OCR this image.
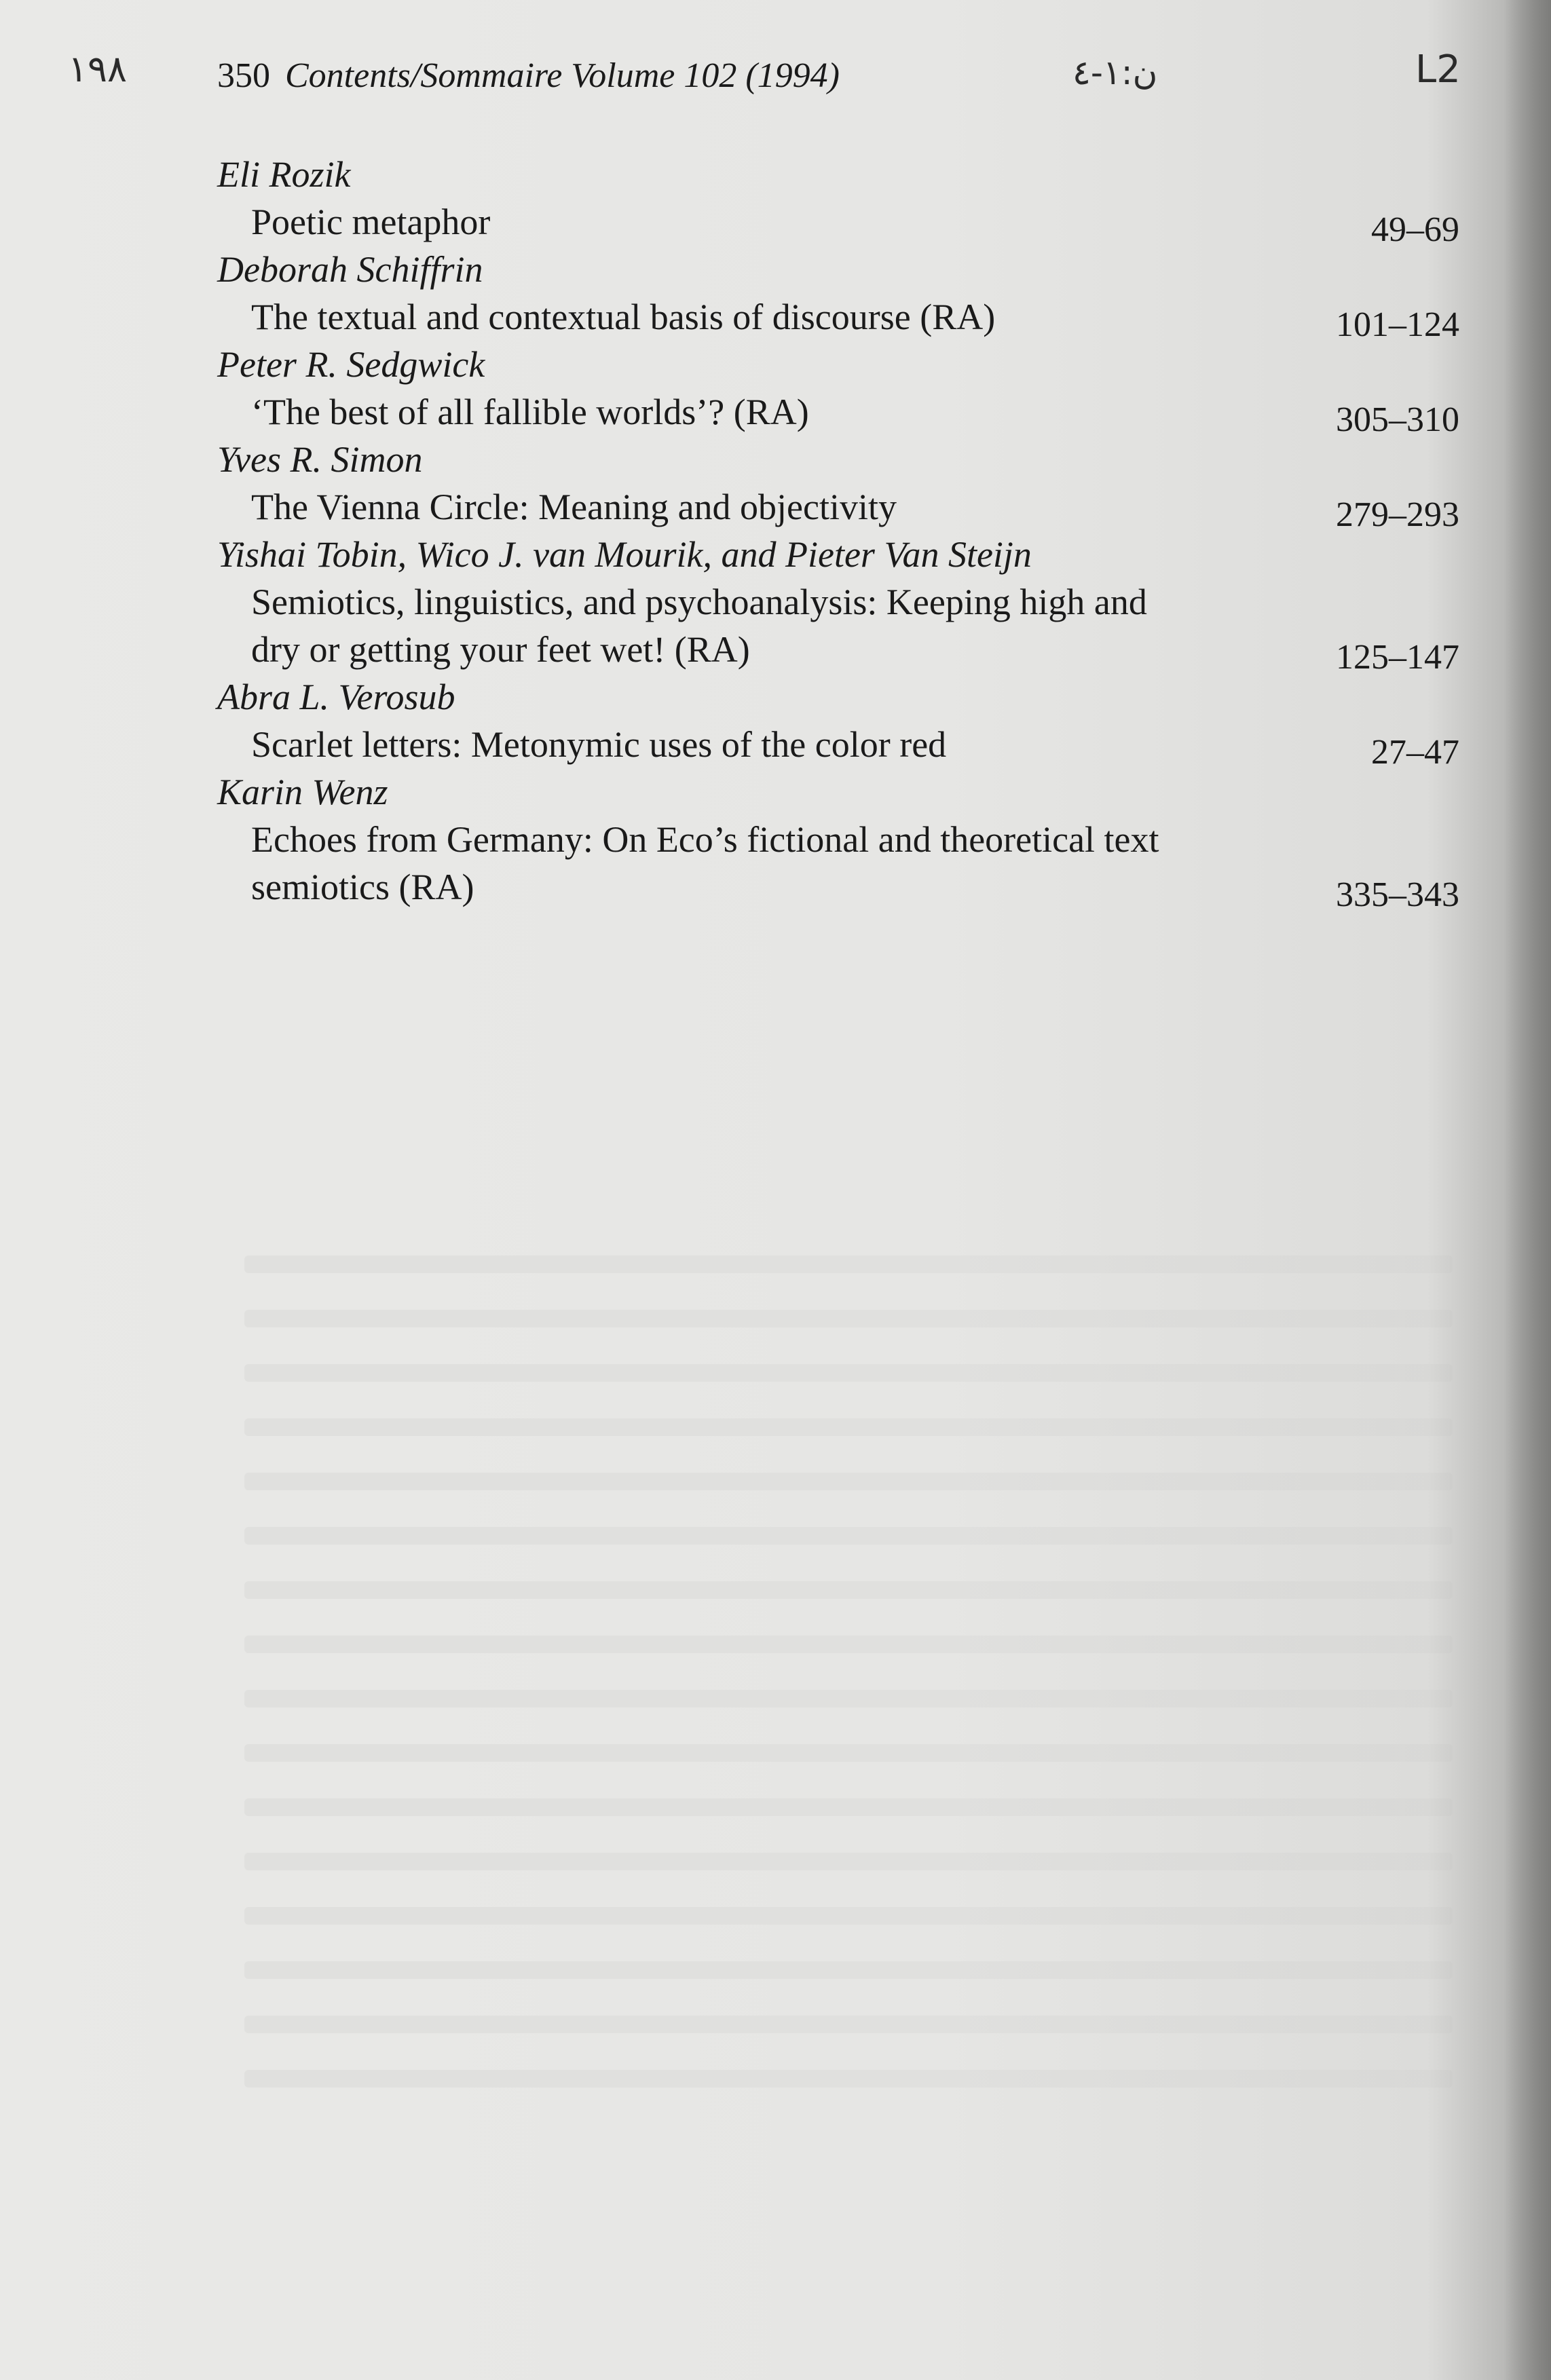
١٩٨	ن:١-٤	L2
350 Contents/Sommaire Volume 102 (1994)
Eli Rozik
Poetic metaphor	49–69
Deborah Schiffrin
The textual and contextual basis of discourse (RA)	101–124
Peter R. Sedgwick
‘The best of all fallible worlds’? (RA)	305–310
Yves R. Simon
The Vienna Circle: Meaning and objectivity	279–293
Yishai Tobin, Wico J. van Mourik, and Pieter Van Steijn
Semiotics, linguistics, and psychoanalysis: Keeping high and dry or getting your feet wet! (RA)	125–147
Abra L. Verosub
Scarlet letters: Metonymic uses of the color red	27–47
Karin Wenz
Echoes from Germany: On Eco’s fictional and theoretical text semiotics (RA)	335–343
